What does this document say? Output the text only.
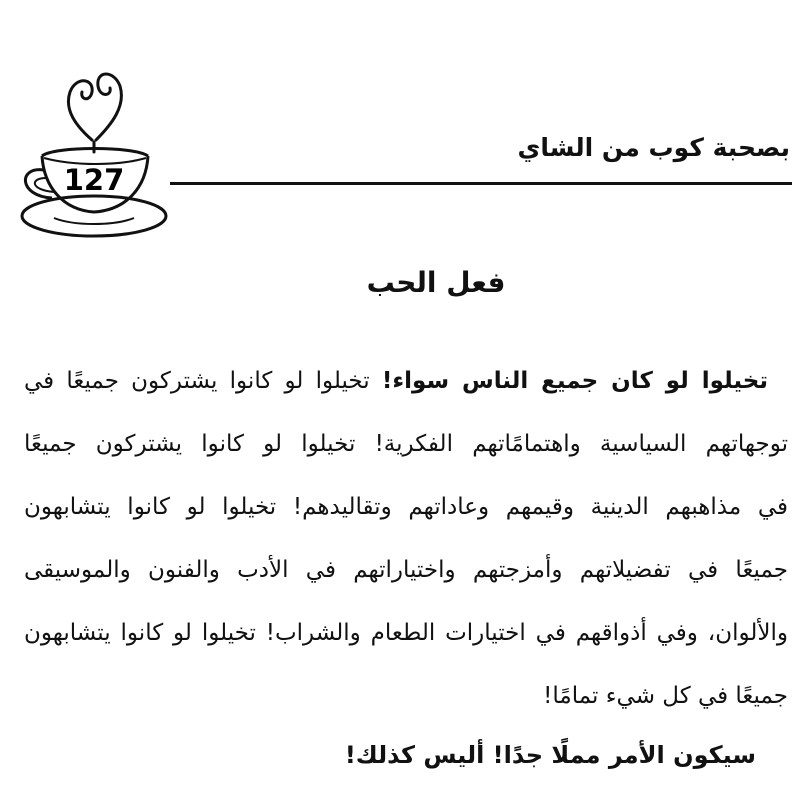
127
بصحبة كوب من الشاي
فعل الحب
تخيلوا لو كان جميع الناس سواء! تخيلوا لو كانوا يشتركون جميعًا في
توجهاتهم السياسية واهتمامًاتهم الفكرية! تخيلوا لو كانوا يشتركون جميعًا
في مذاهبهم الدينية وقيمهم وعاداتهم وتقاليدهم! تخيلوا لو كانوا يتشابهون
جميعًا في تفضيلاتهم وأمزجتهم واختياراتهم في الأدب والفنون والموسيقى
والألوان، وفي أذواقهم في اختيارات الطعام والشراب! تخيلوا لو كانوا يتشابهون
جميعًا في كل شيء تمامًا!
سيكون الأمر مملًا جدًا! أليس كذلك!
